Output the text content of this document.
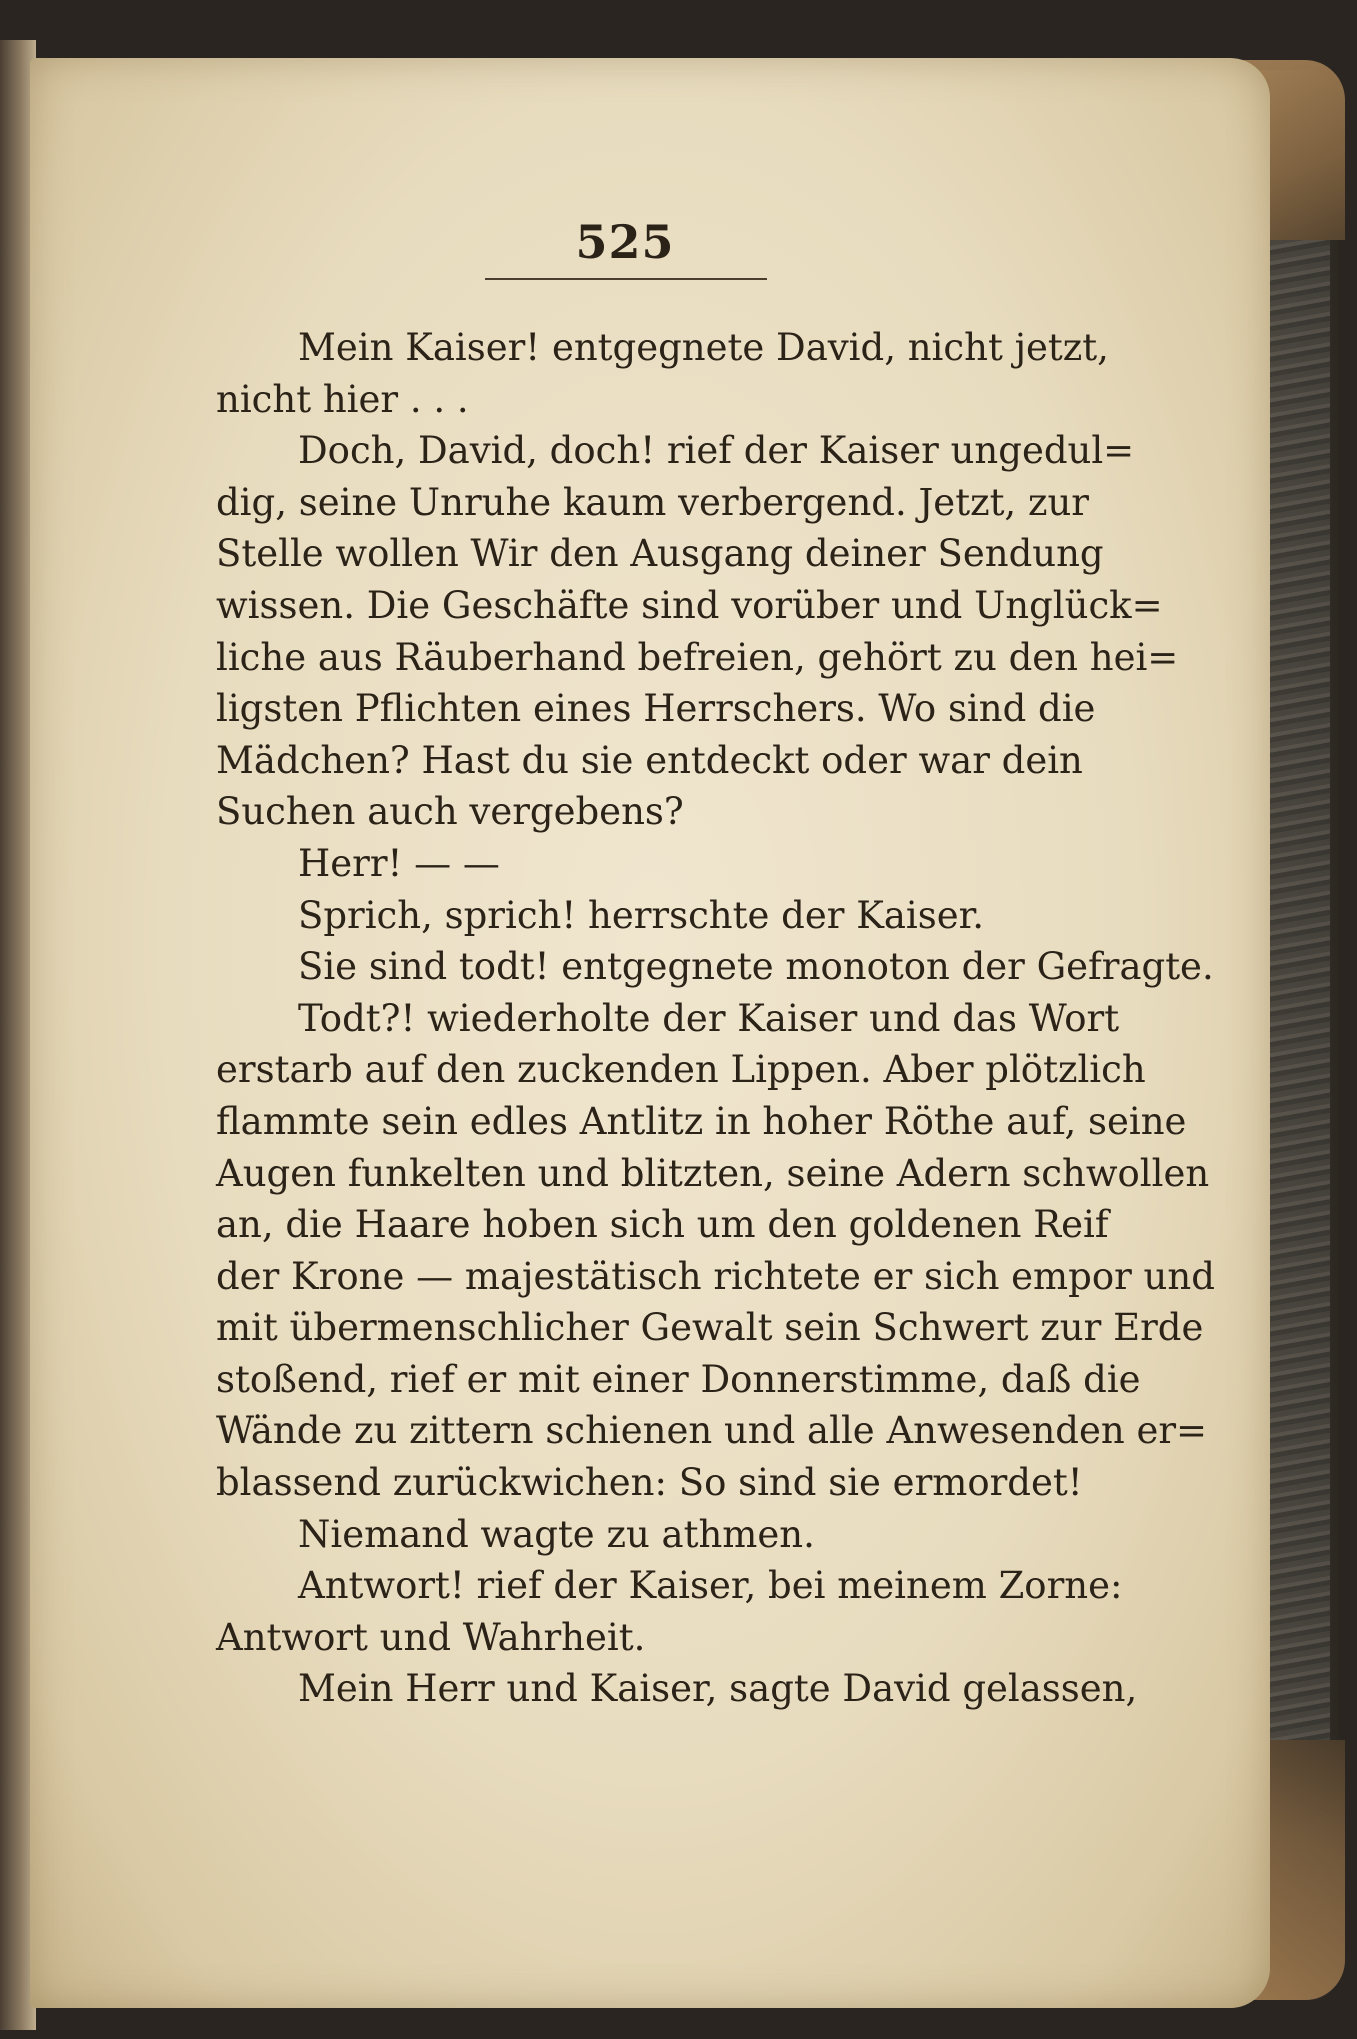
525
Mein Kaiser! entgegnete David, nicht jetzt,
nicht hier . . .
Doch, David, doch! rief der Kaiser ungedul=
dig, seine Unruhe kaum verbergend. Jetzt, zur
Stelle wollen Wir den Ausgang deiner Sendung
wissen. Die Geschäfte sind vorüber und Unglück=
liche aus Räuberhand befreien, gehört zu den hei=
ligsten Pflichten eines Herrschers. Wo sind die
Mädchen? Hast du sie entdeckt oder war dein
Suchen auch vergebens?
Herr! — —
Sprich, sprich! herrschte der Kaiser.
Sie sind todt! entgegnete monoton der Gefragte.
Todt?! wiederholte der Kaiser und das Wort
erstarb auf den zuckenden Lippen. Aber plötzlich
flammte sein edles Antlitz in hoher Röthe auf, seine
Augen funkelten und blitzten, seine Adern schwollen
an, die Haare hoben sich um den goldenen Reif
der Krone — majestätisch richtete er sich empor und
mit übermenschlicher Gewalt sein Schwert zur Erde
stoßend, rief er mit einer Donnerstimme, daß die
Wände zu zittern schienen und alle Anwesenden er=
blassend zurückwichen: So sind sie ermordet!
Niemand wagte zu athmen.
Antwort! rief der Kaiser, bei meinem Zorne:
Antwort und Wahrheit.
Mein Herr und Kaiser, sagte David gelassen,
